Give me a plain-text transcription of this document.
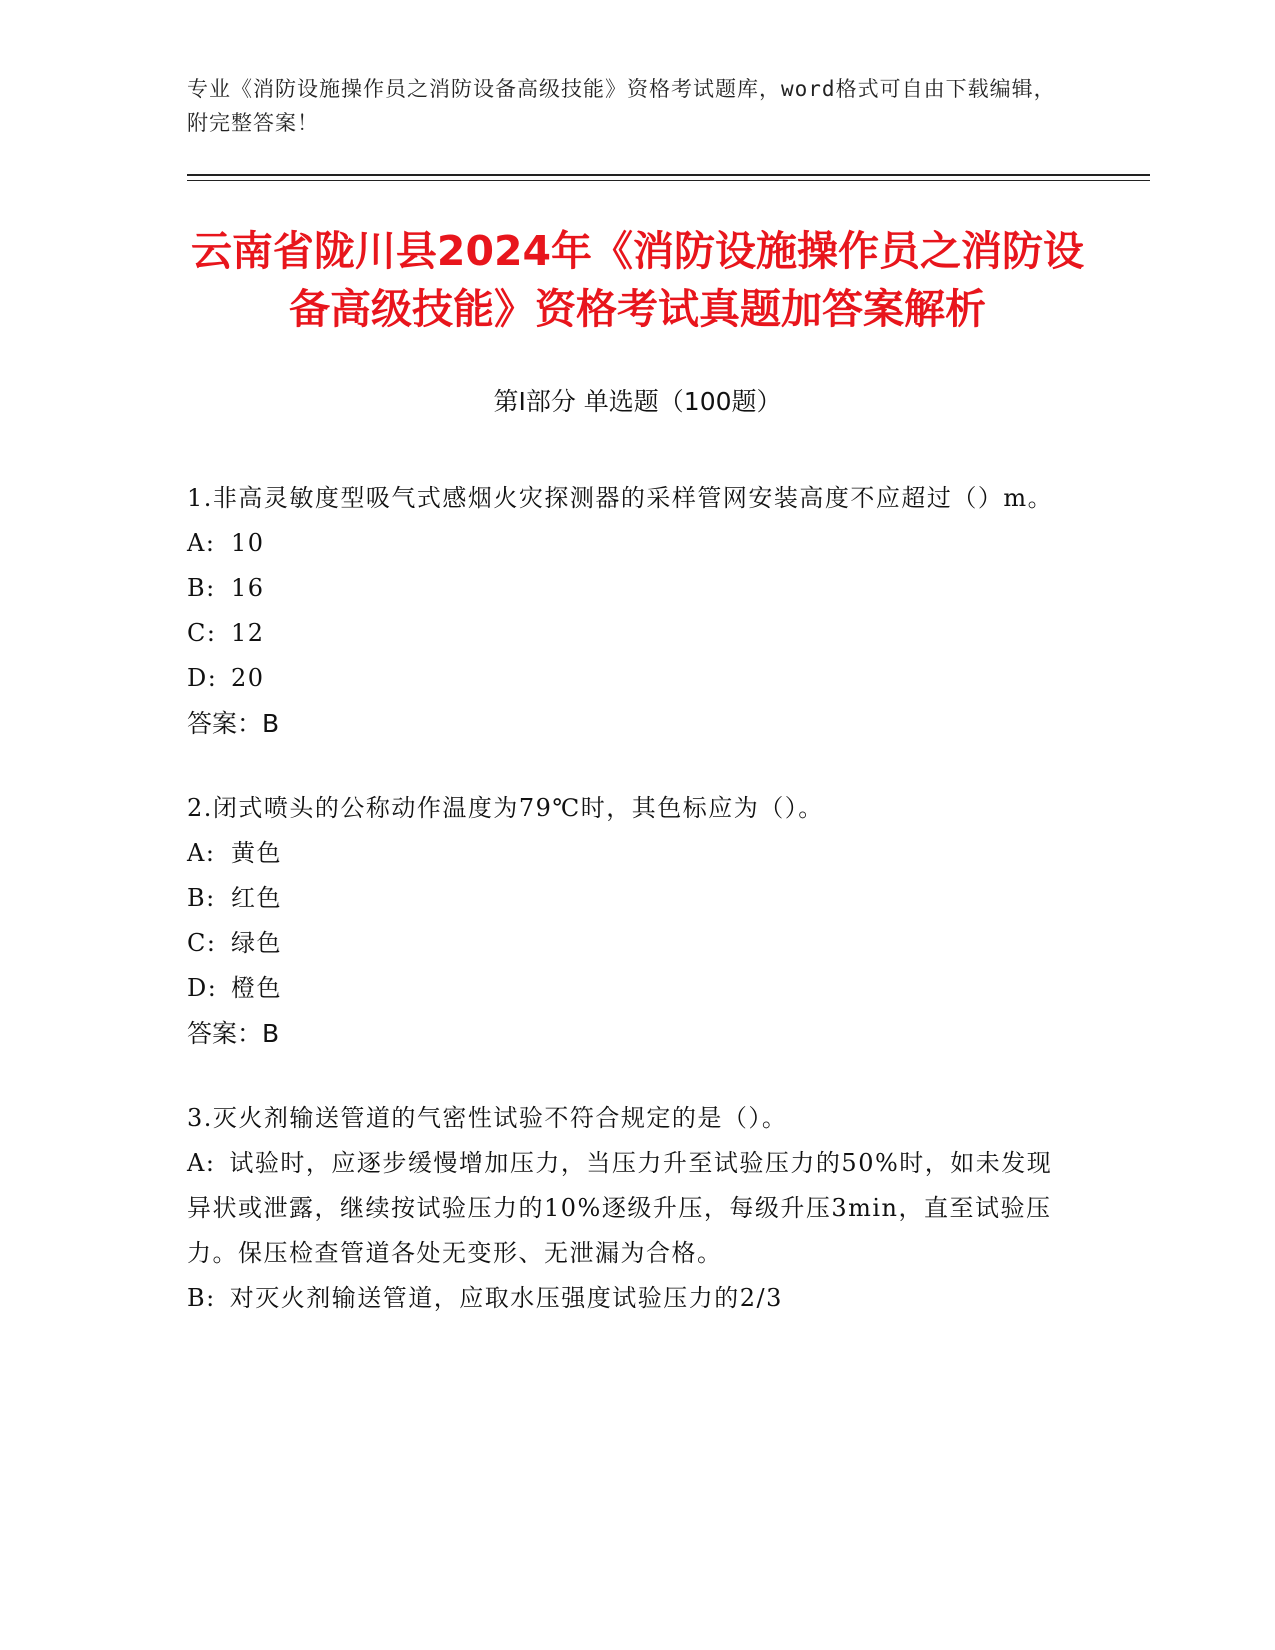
专业《消防设施操作员之消防设备高级技能》资格考试题库，word格式可自由下载编辑，附完整答案！
云南省陇川县2024年《消防设施操作员之消防设备高级技能》资格考试真题加答案解析
第Ⅰ部分 单选题（100题）
1.非高灵敏度型吸气式感烟火灾探测器的采样管网安装高度不应超过（）m。
A: 10
B: 16
C: 12
D: 20
答案：B
2.闭式喷头的公称动作温度为79℃时，其色标应为（）。
A: 黄色
B: 红色
C: 绿色
D: 橙色
答案：B
3.灭火剂输送管道的气密性试验不符合规定的是（）。
A: 试验时，应逐步缓慢增加压力，当压力升至试验压力的50%时，如未发现异状或泄露，继续按试验压力的10%逐级升压，每级升压3min，直至试验压力。保压检查管道各处无变形、无泄漏为合格。
B: 对灭火剂输送管道，应取水压强度试验压力的2/3
